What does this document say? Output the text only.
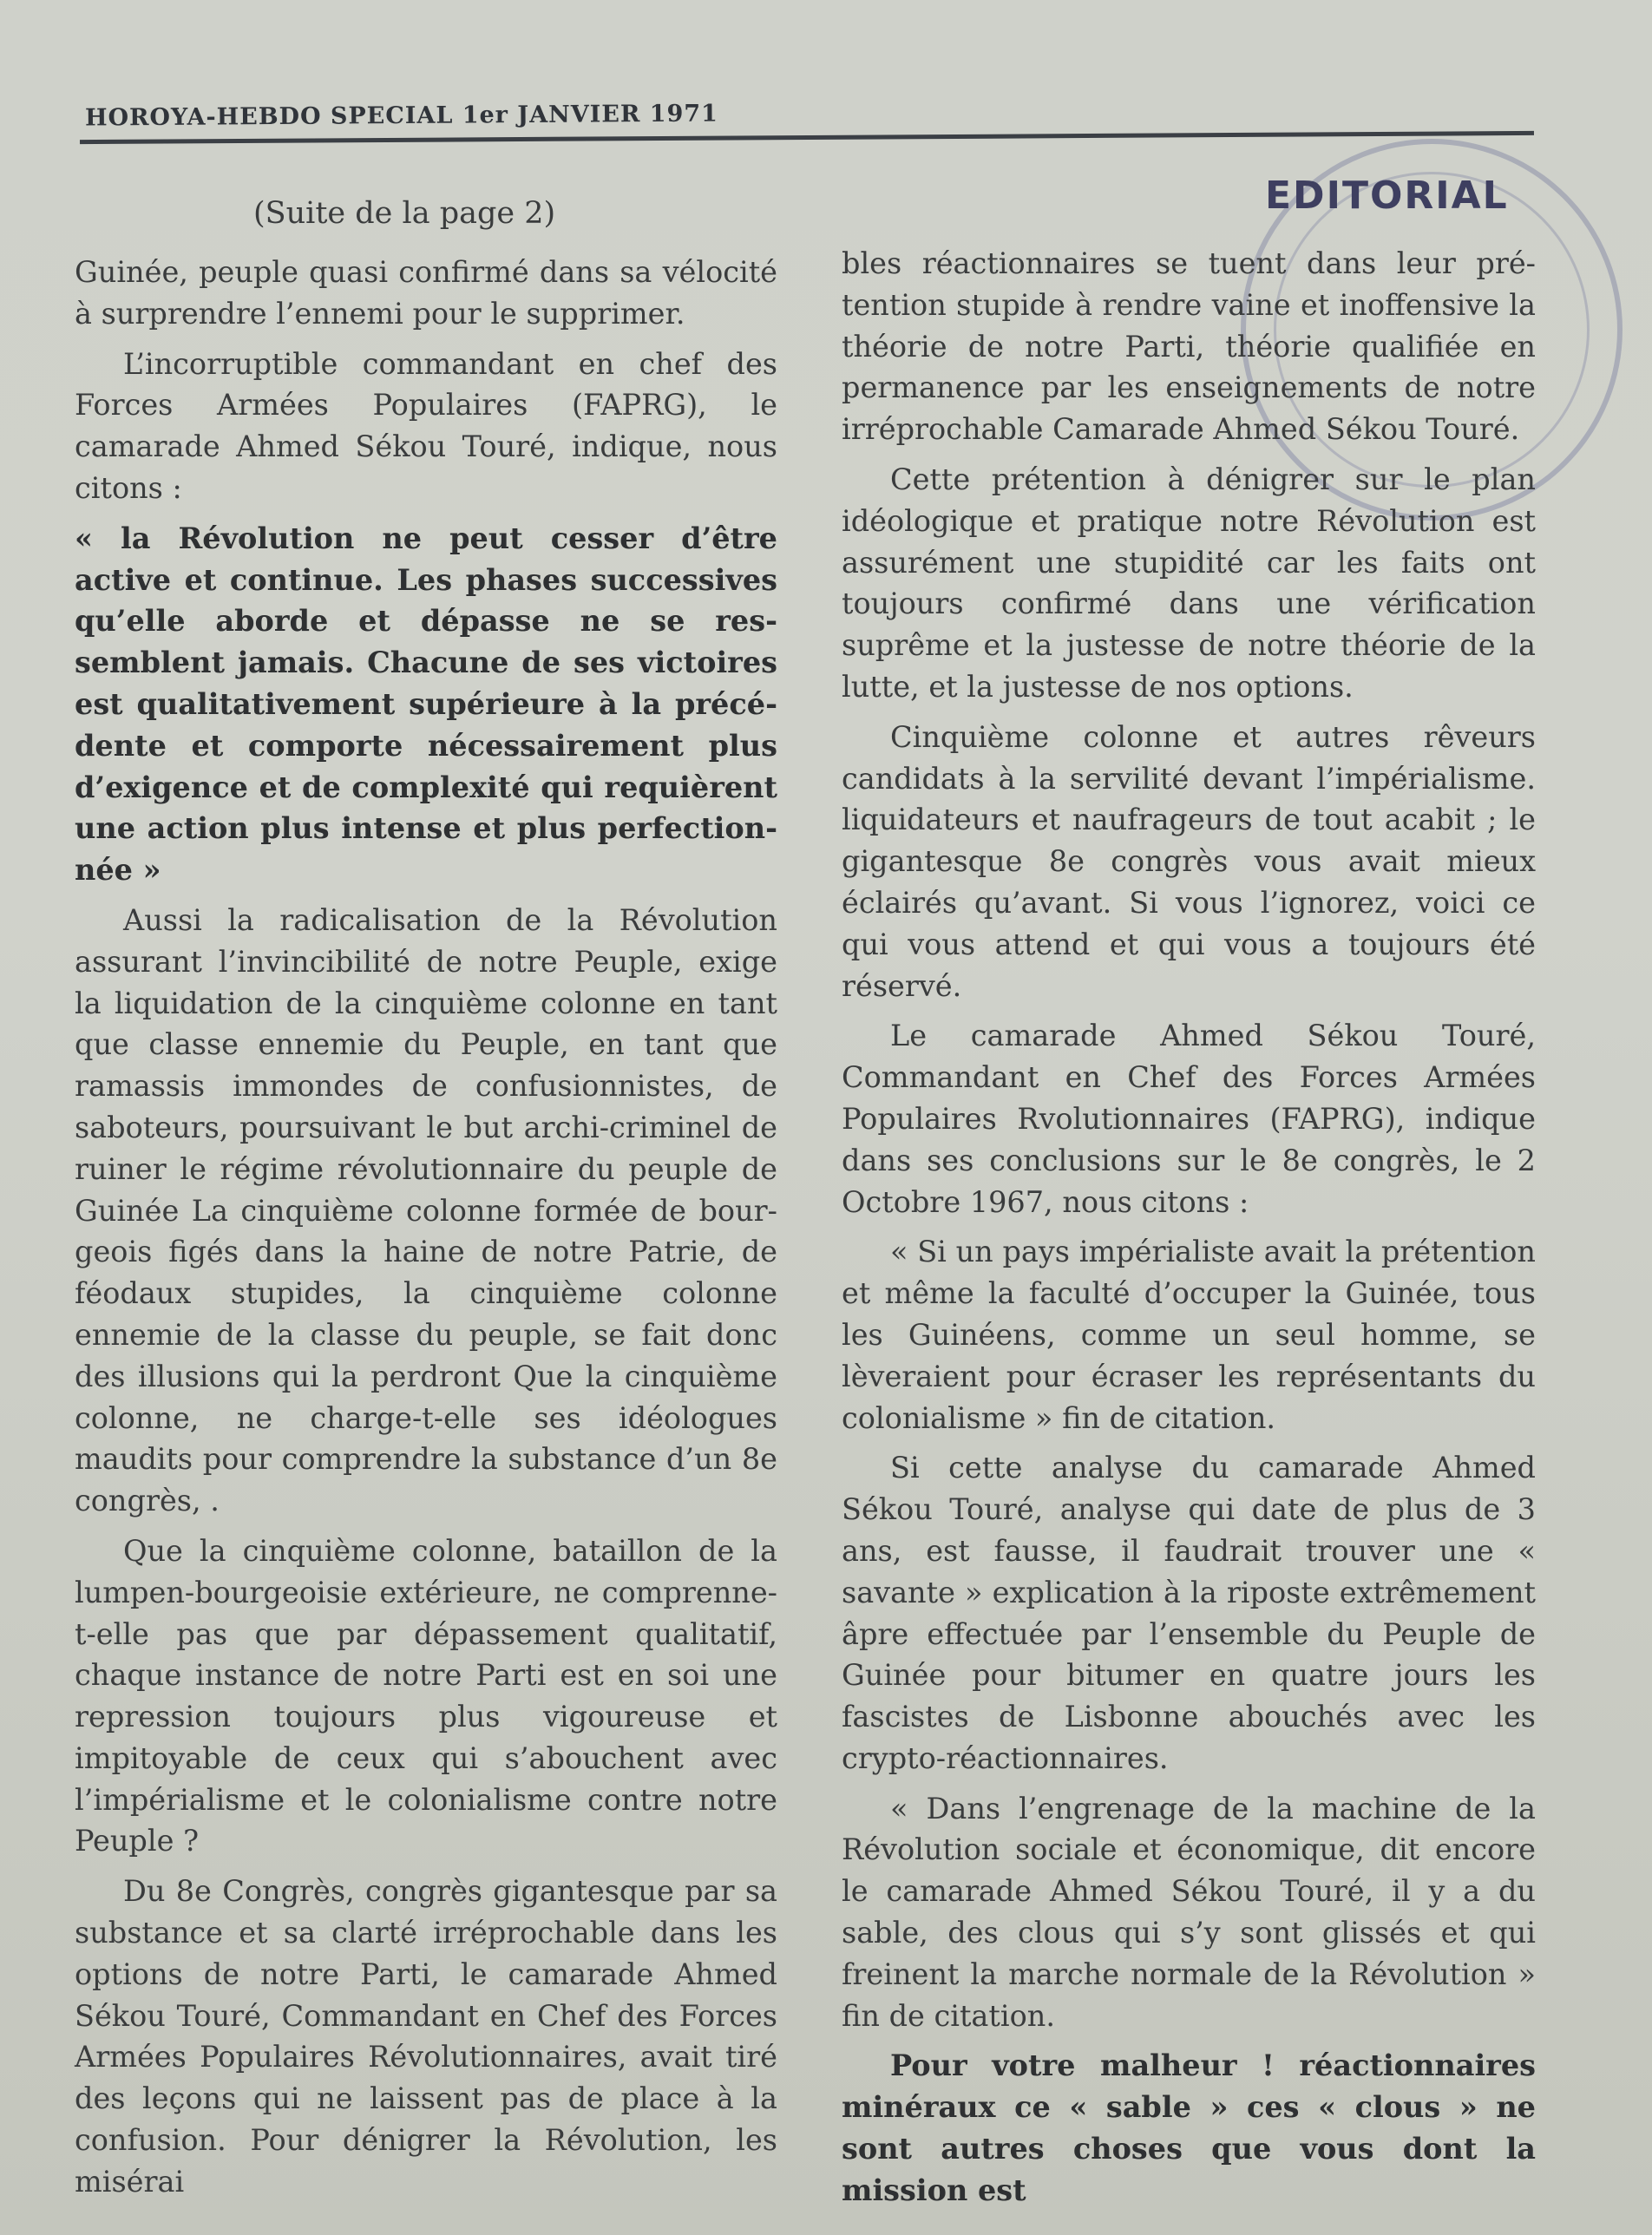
HOROYA-HEBDO SPECIAL 1er JANVIER 1971
EDITORIAL
(Suite de la page 2)

Guinée, peuple quasi confirmé dans sa vélocité à surprendre l’ennemi pour le supprimer.

L’incorruptible commandant en chef des Forces Armées Populaires (FAPRG), le camarade Ahmed Sékou Touré, indique, nous citons :

« la Révolution ne peut cesser d’être active et continue. Les phases successives qu’elle aborde et dépasse ne se ressemblent jamais. Chacune de ses victoires est qualitativement supérieure à la précédente et comporte nécessairement plus d’exigence et de complexité qui requièrent une action plus intense et plus perfectionnée »

Aussi la radicalisation de la Révolution assurant l’invincibilité de notre Peuple, exige la liquidation de la cinquième colonne en tant que classe ennemie du Peuple, en tant que ramassis immondes de confusionnistes, de saboteurs, poursuivant le but archi-criminel de ruiner le régime révolutionnaire du peuple de Guinée La cinquième colonne formée de bourgeois figés dans la haine de notre Patrie, de féodaux stupides, la cinquième colonne ennemie de la classe du peuple, se fait donc des illusions qui la perdront Que la cinquième colonne, ne charge-t-elle ses idéologues maudits pour comprendre la substance d’un 8e congrès, .

Que la cinquième colonne, bataillon de la lumpen-bourgeoisie extérieure, ne comprenne-t-elle pas que par dépassement qualitatif, chaque instance de notre Parti est en soi une repression toujours plus vigoureuse et impitoyable de ceux qui s’abouchent avec l’impérialisme et le colonialisme contre notre Peuple ?

Du 8e Congrès, congrès gigantesque par sa substance et sa clarté irréprochable dans les options de notre Parti, le camarade Ahmed Sékou Touré, Commandant en Chef des Forces Armées Populaires Révolutionnaires, avait tiré des leçons qui ne laissent pas de place à la confusion. Pour dénigrer la Révolution, les misérai

bles réactionnaires se tuent dans leur prétention stupide à rendre vaine et inoffensive la théorie de notre Parti, théorie qualifiée en permanence par les enseignements de notre irréprochable Camarade Ahmed Sékou Touré.

Cette prétention à dénigrer sur le plan idéologique et pratique notre Révolution est assurément une stupidité car les faits ont toujours confirmé dans une vérification suprême et la justesse de notre théorie de la lutte, et la justesse de nos options.

Cinquième colonne et autres rêveurs candidats à la servilité devant l’impérialisme. liquidateurs et naufrageurs de tout acabit ; le gigantesque 8e congrès vous avait mieux éclairés qu’avant. Si vous l’ignorez, voici ce qui vous attend et qui vous a toujours été réservé.

Le camarade Ahmed Sékou Touré, Commandant en Chef des Forces Armées Populaires Rvolutionnaires (FAPRG), indique dans ses conclusions sur le 8e congrès, le 2 Octobre 1967, nous citons :

« Si un pays impérialiste avait la prétention et même la faculté d’occuper la Guinée, tous les Guinéens, comme un seul homme, se lèveraient pour écraser les représentants du colonialisme » fin de citation.

Si cette analyse du camarade Ahmed Sékou Touré, analyse qui date de plus de 3 ans, est fausse, il faudrait trouver une « savante » explication à la riposte extrêmement âpre effectuée par l’ensemble du Peuple de Guinée pour bitumer en quatre jours les fascistes de Lisbonne abouchés avec les crypto-réactionnaires.

« Dans l’engrenage de la machine de la Révolution sociale et économique, dit encore le camarade Ahmed Sékou Touré, il y a du sable, des clous qui s’y sont glissés et qui freinent la marche normale de la Révolution » fin de citation.

Pour votre malheur ! réactionnaires minéraux ce « sable » ces « clous » ne sont autres choses que vous dont la mission est
